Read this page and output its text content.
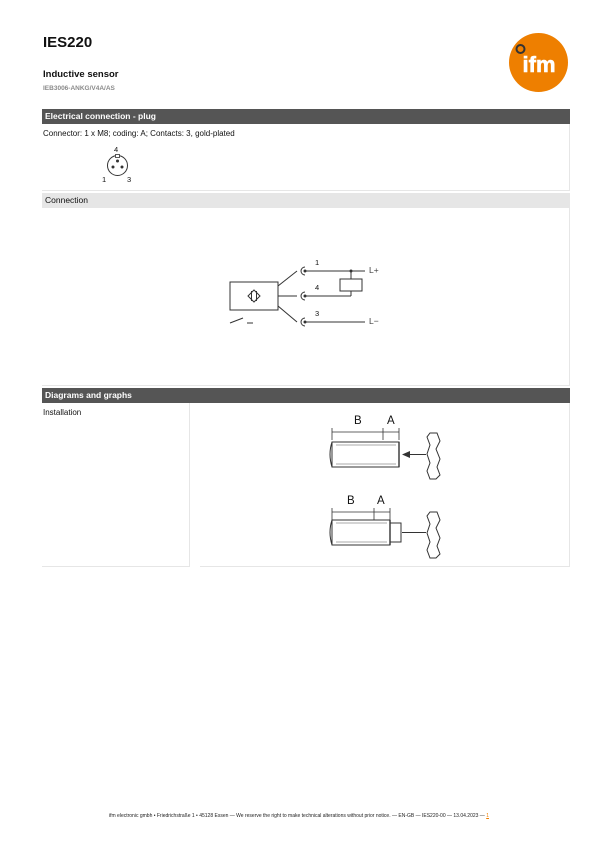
IES220
Inductive sensor
IEB3006-ANKG/V4A/AS
ifm
Electrical connection - plug
Connector: 1 x M8; coding: A; Contacts: 3, gold-plated
4
1	3
Connection
1
4
3
L+
L−
Diagrams and graphs
Installation
B A
B A
ifm electronic gmbh • Friedrichstraße 1 • 45128 Essen — We reserve the right to make technical alterations without prior notice. — EN-GB — IES220-00 — 13.04.2023 — 1
